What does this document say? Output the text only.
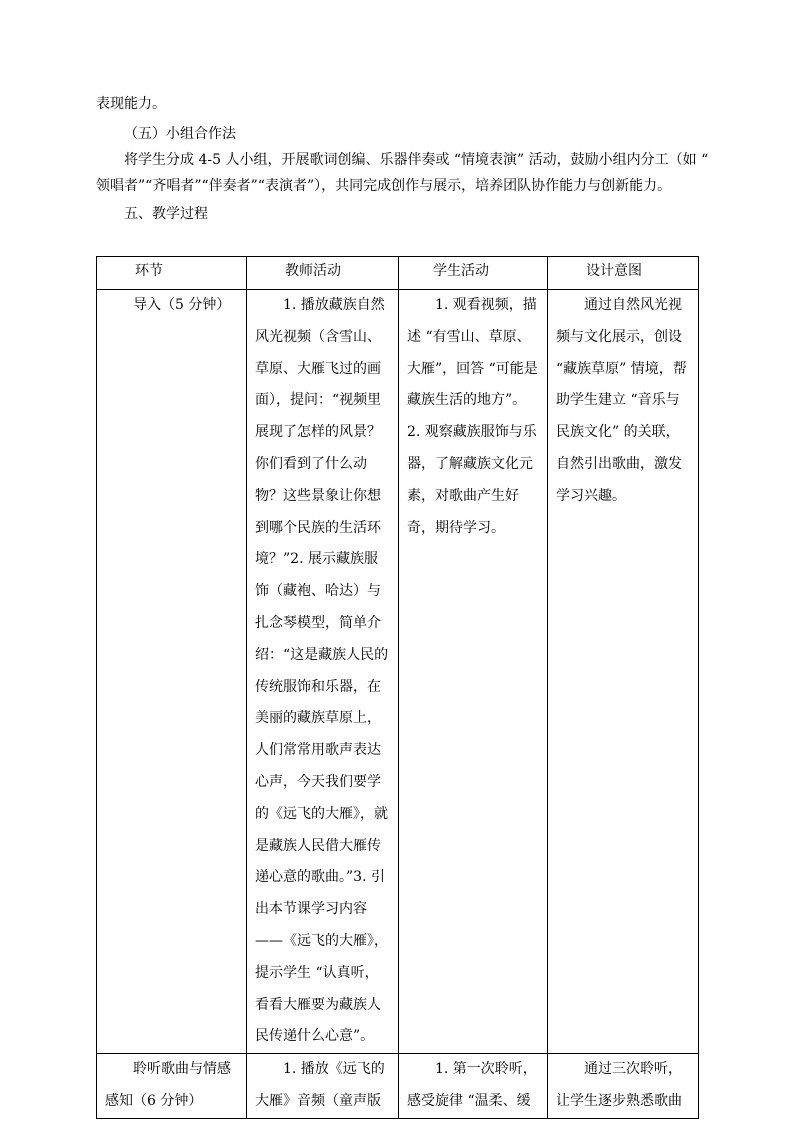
表现能力。
（五）小组合作法
将学生分成 4-5 人小组，开展歌词创编、乐器伴奏或 “情境表演” 活动，鼓励小组内分工（如 “
领唱者”“齐唱者”“伴奏者”“表演者”），共同完成创作与展示，培养团队协作能力与创新能力。
五、教学过程
环节	教师活动	学生活动	设计意图

导入（5 分钟）	1. 播放藏族自然风光视频（含雪山、草原、大雁飞过的画面），提问：“视频里展现了怎样的风景？你们看到了什么动物？这些景象让你想到哪个民族的生活环境？”2. 展示藏族服饰（藏袍、哈达）与扎念琴模型，简单介绍：“这是藏族人民的传统服饰和乐器，在美丽的藏族草原上，人们常常用歌声表达心声，今天我们要学的《远飞的大雁》，就是藏族人民借大雁传递心意的歌曲。”3. 引出本节课学习内容 ——《远飞的大雁》，提示学生 “认真听，看看大雁要为藏族人民传递什么心意”。	1. 观看视频，描述 “有雪山、草原、大雁”，回答 “可能是藏族生活的地方”。2. 观察藏族服饰与乐器，了解藏族文化元素，对歌曲产生好奇，期待学习。	通过自然风光视频与文化展示，创设 “藏族草原” 情境，帮助学生建立 “音乐与民族文化” 的关联，自然引出歌曲，激发学习兴趣。

聆听歌曲与情感感知（6 分钟）	1. 播放《远飞的大雁》音频（童声版	1. 第一次聆听，感受旋律 “温柔、缓	通过三次聆听，让学生逐步熟悉歌曲
